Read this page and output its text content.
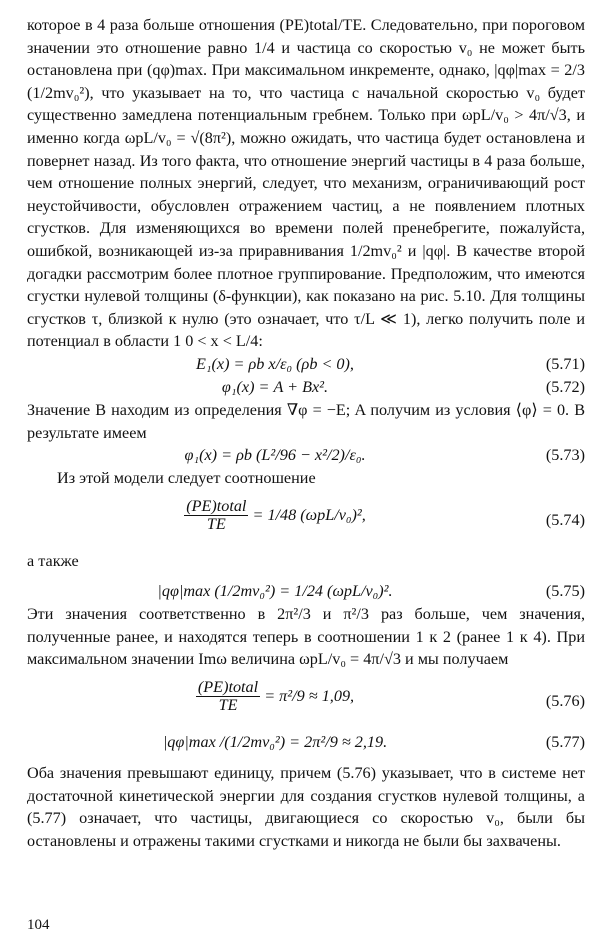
которое в 4 раза больше отношения (PE)total/TE. Следовательно, при пороговом значении это отношение равно 1/4 и частица со скоростью v₀ не может быть остановлена при (qφ)max. При максимальном инкременте, однако, |qφ|max = 2/3 (1/2mv₀²), что указывает на то, что частица с начальной скоростью v₀ будет существенно замедлена потенциальным гребнем. Только при ωpL/v₀ > 4π/√3, и именно когда ωpL/v₀ = √(8π²), можно ожидать, что частица будет остановлена и повернет назад. Из того факта, что отношение энергий частицы в 4 раза больше, чем отношение полных энергий, следует, что механизм, ограничивающий рост неустойчивости, обусловлен отражением частиц, а не появлением плотных сгустков. Для изменяющихся во времени полей пренебрегите, пожалуйста, ошибкой, возникающей из-за приравнивания 1/2mv₀² и |qφ|. В качестве второй догадки рассмотрим более плотное группирование. Предположим, что имеются сгустки нулевой толщины (δ-функции), как показано на рис. 5.10. Для толщины сгустков τ, близкой к нулю (это означает, что τ/L ≪ 1), легко получить поле и потенциал в области 1 0 < x < L/4:

E₁(x) = ρb x/ε₀ (ρb < 0),	(5.71)
φ₁(x) = A + Bx².	(5.72)

Значение B находим из определения ∇φ = −E; A получим из условия ⟨φ⟩ = 0. В результате имеем

φ₁(x) = ρb (L²/96 − x²/2)/ε₀.	(5.73)

Из этой модели следует соотношение

$\frac{\text{(PE)total}}{TE} = 1/48$ (ωpL/v₀)²,	(5.74)

а также

|qφ|max (1/2mv₀²) = 1/24 (ωpL/v₀)².	(5.75)

Эти значения соответственно в 2π²/3 и π²/3 раз больше, чем значения, полученные ранее, и находятся теперь в соотношении 1 к 2 (ранее 1 к 4). При максимальном значении Imω величина ωpL/v₀ = 4π/√3 и мы получаем

$\frac{\text{(PE)total}}{TE} = \pi^2/9 \approx 1,09$,	(5.76)
|qφ|max /(1/2mv₀²) = 2π²/9 ≈ 2,19.	(5.77)

Оба значения превышают единицу, причем (5.76) указывает, что в системе нет достаточной кинетической энергии для создания сгустков нулевой толщины, а (5.77) означает, что частицы, двигающиеся со скоростью v₀, были бы остановлены и отражены такими сгустками и никогда не были бы захвачены.

104
